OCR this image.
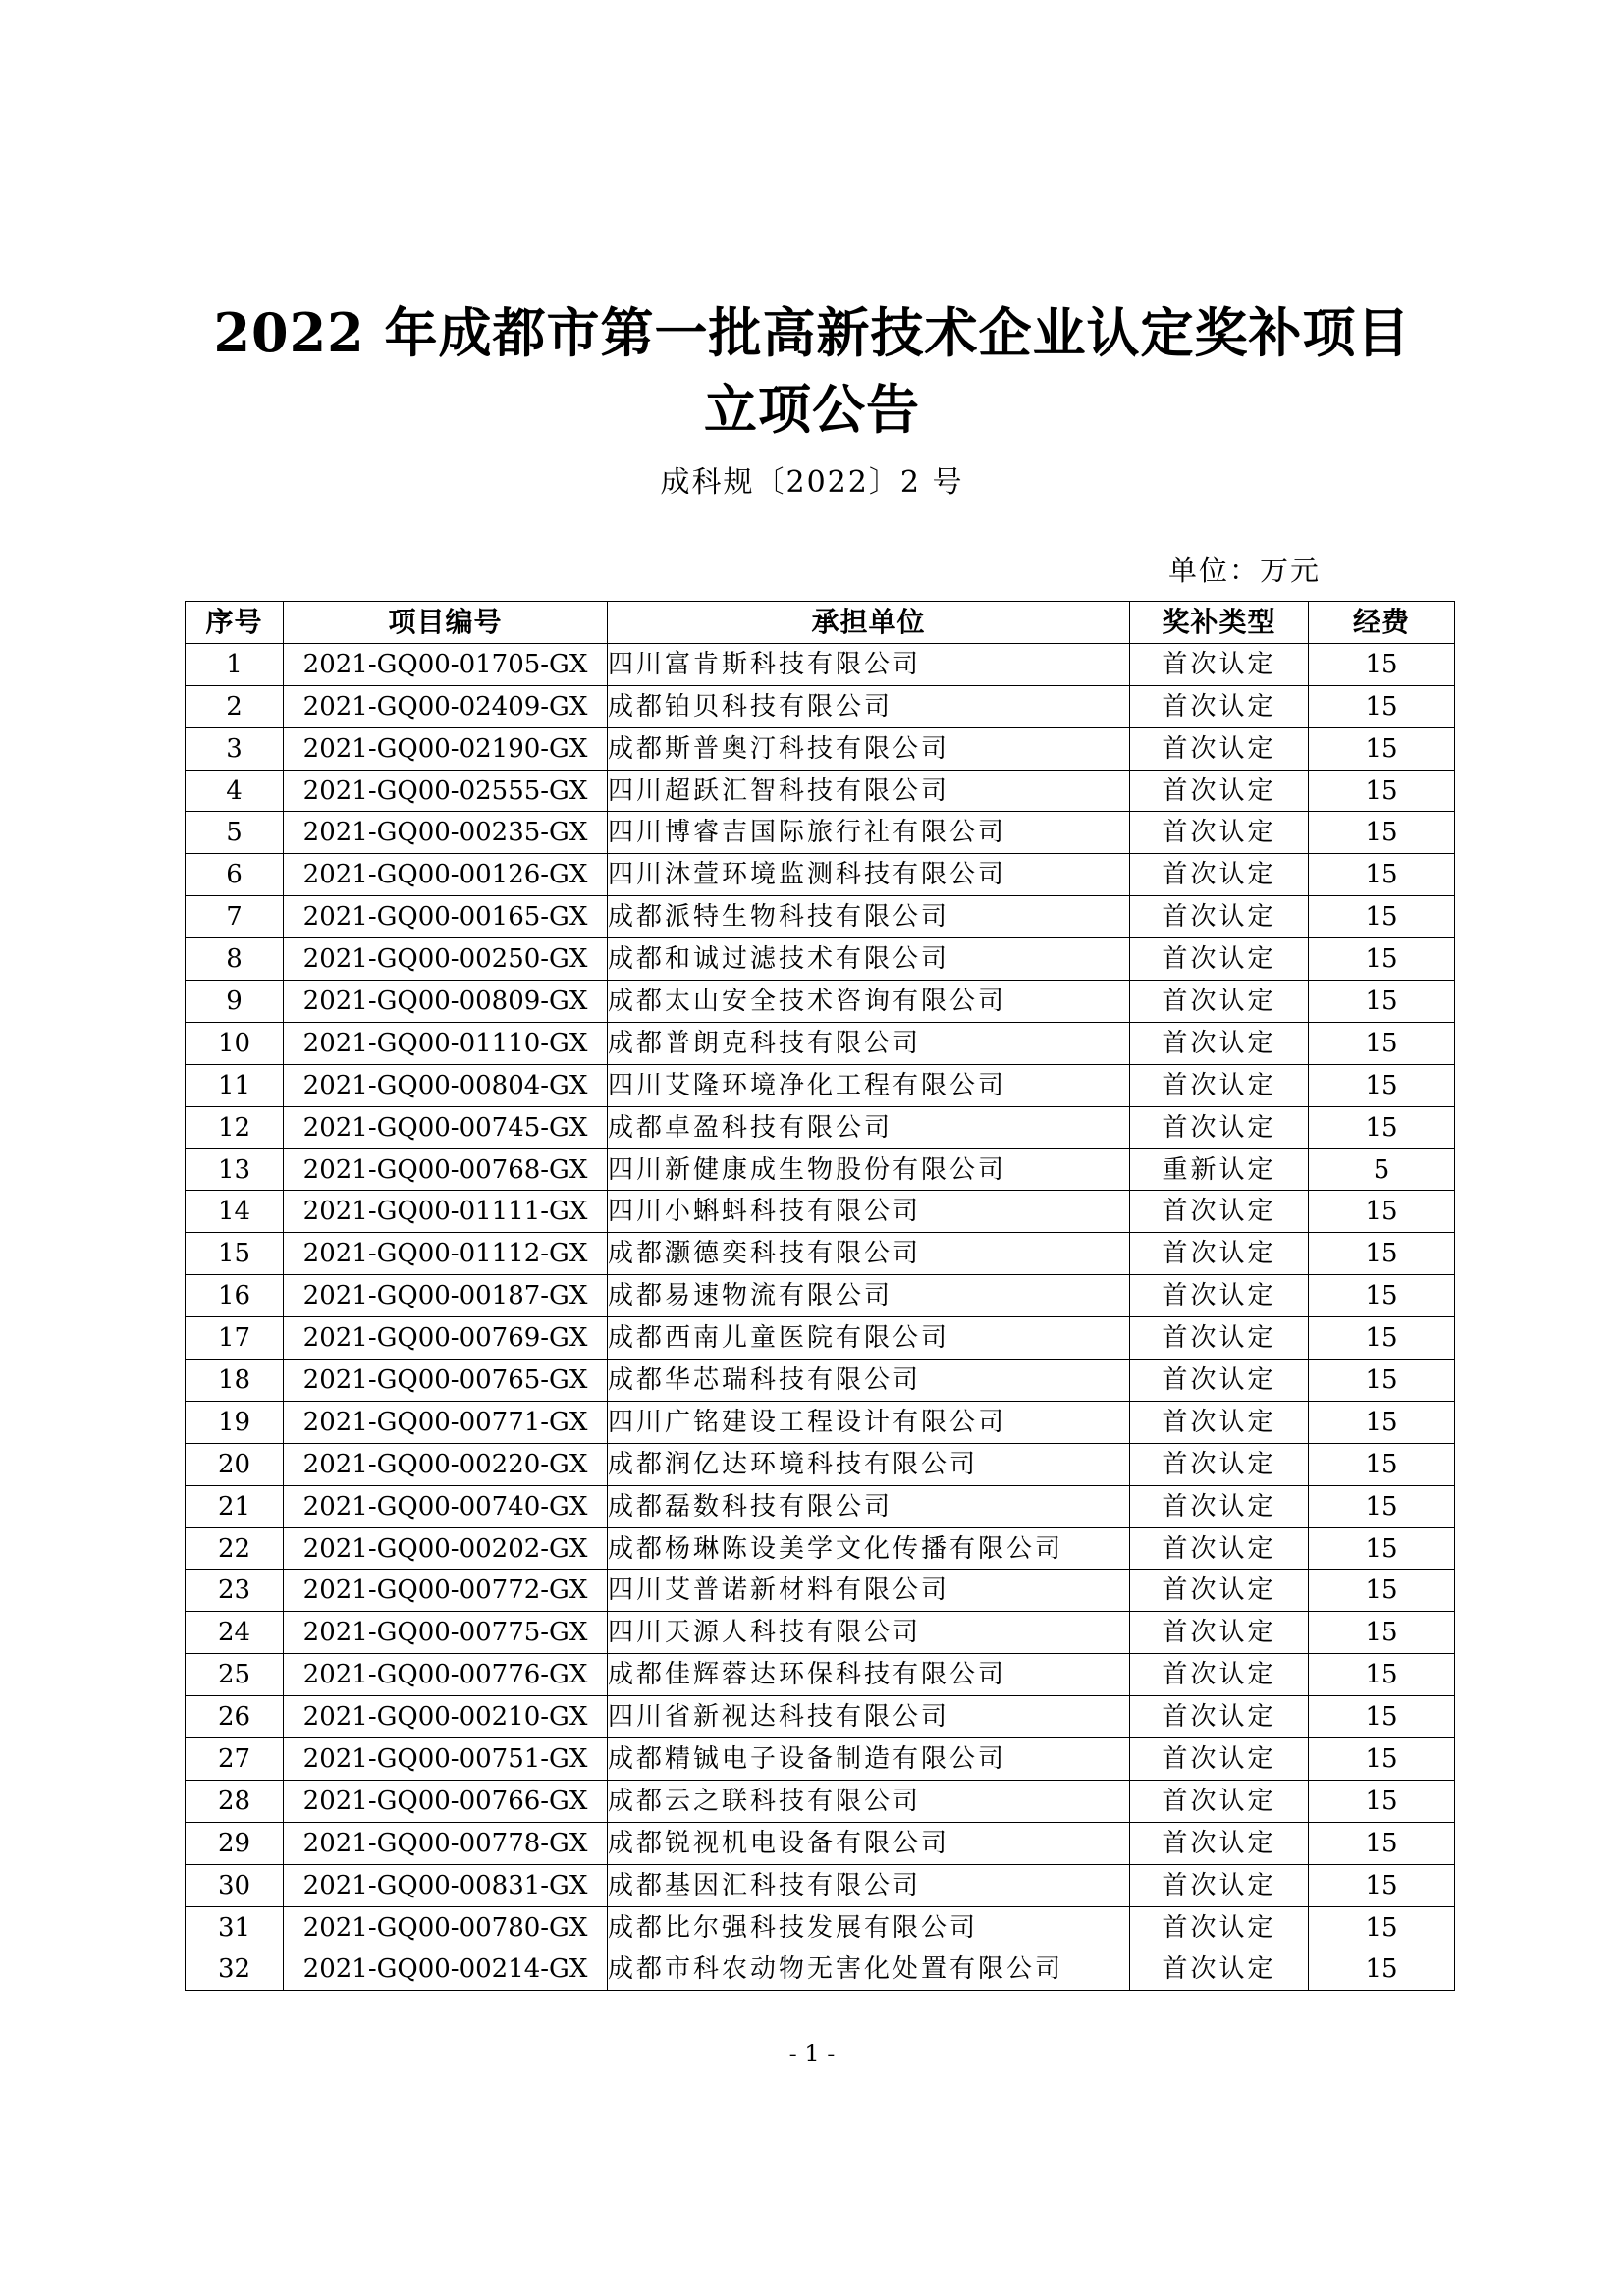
2022 年成都市第一批高新技术企业认定奖补项目
立项公告
成科规〔2022〕2 号
单位：万元
序号	项目编号	承担单位	奖补类型	经费
1	2021-GQ00-01705-GX	四川富肯斯科技有限公司	首次认定	15
2	2021-GQ00-02409-GX	成都铂贝科技有限公司	首次认定	15
3	2021-GQ00-02190-GX	成都斯普奥汀科技有限公司	首次认定	15
4	2021-GQ00-02555-GX	四川超跃汇智科技有限公司	首次认定	15
5	2021-GQ00-00235-GX	四川博睿吉国际旅行社有限公司	首次认定	15
6	2021-GQ00-00126-GX	四川沐萱环境监测科技有限公司	首次认定	15
7	2021-GQ00-00165-GX	成都派特生物科技有限公司	首次认定	15
8	2021-GQ00-00250-GX	成都和诚过滤技术有限公司	首次认定	15
9	2021-GQ00-00809-GX	成都太山安全技术咨询有限公司	首次认定	15
10	2021-GQ00-01110-GX	成都普朗克科技有限公司	首次认定	15
11	2021-GQ00-00804-GX	四川艾隆环境净化工程有限公司	首次认定	15
12	2021-GQ00-00745-GX	成都卓盈科技有限公司	首次认定	15
13	2021-GQ00-00768-GX	四川新健康成生物股份有限公司	重新认定	5
14	2021-GQ00-01111-GX	四川小蝌蚪科技有限公司	首次认定	15
15	2021-GQ00-01112-GX	成都灏德奕科技有限公司	首次认定	15
16	2021-GQ00-00187-GX	成都易速物流有限公司	首次认定	15
17	2021-GQ00-00769-GX	成都西南儿童医院有限公司	首次认定	15
18	2021-GQ00-00765-GX	成都华芯瑞科技有限公司	首次认定	15
19	2021-GQ00-00771-GX	四川广铭建设工程设计有限公司	首次认定	15
20	2021-GQ00-00220-GX	成都润亿达环境科技有限公司	首次认定	15
21	2021-GQ00-00740-GX	成都磊数科技有限公司	首次认定	15
22	2021-GQ00-00202-GX	成都杨琳陈设美学文化传播有限公司	首次认定	15
23	2021-GQ00-00772-GX	四川艾普诺新材料有限公司	首次认定	15
24	2021-GQ00-00775-GX	四川天源人科技有限公司	首次认定	15
25	2021-GQ00-00776-GX	成都佳辉蓉达环保科技有限公司	首次认定	15
26	2021-GQ00-00210-GX	四川省新视达科技有限公司	首次认定	15
27	2021-GQ00-00751-GX	成都精铖电子设备制造有限公司	首次认定	15
28	2021-GQ00-00766-GX	成都云之联科技有限公司	首次认定	15
29	2021-GQ00-00778-GX	成都锐视机电设备有限公司	首次认定	15
30	2021-GQ00-00831-GX	成都基因汇科技有限公司	首次认定	15
31	2021-GQ00-00780-GX	成都比尔强科技发展有限公司	首次认定	15
32	2021-GQ00-00214-GX	成都市科农动物无害化处置有限公司	首次认定	15
- 1 -
